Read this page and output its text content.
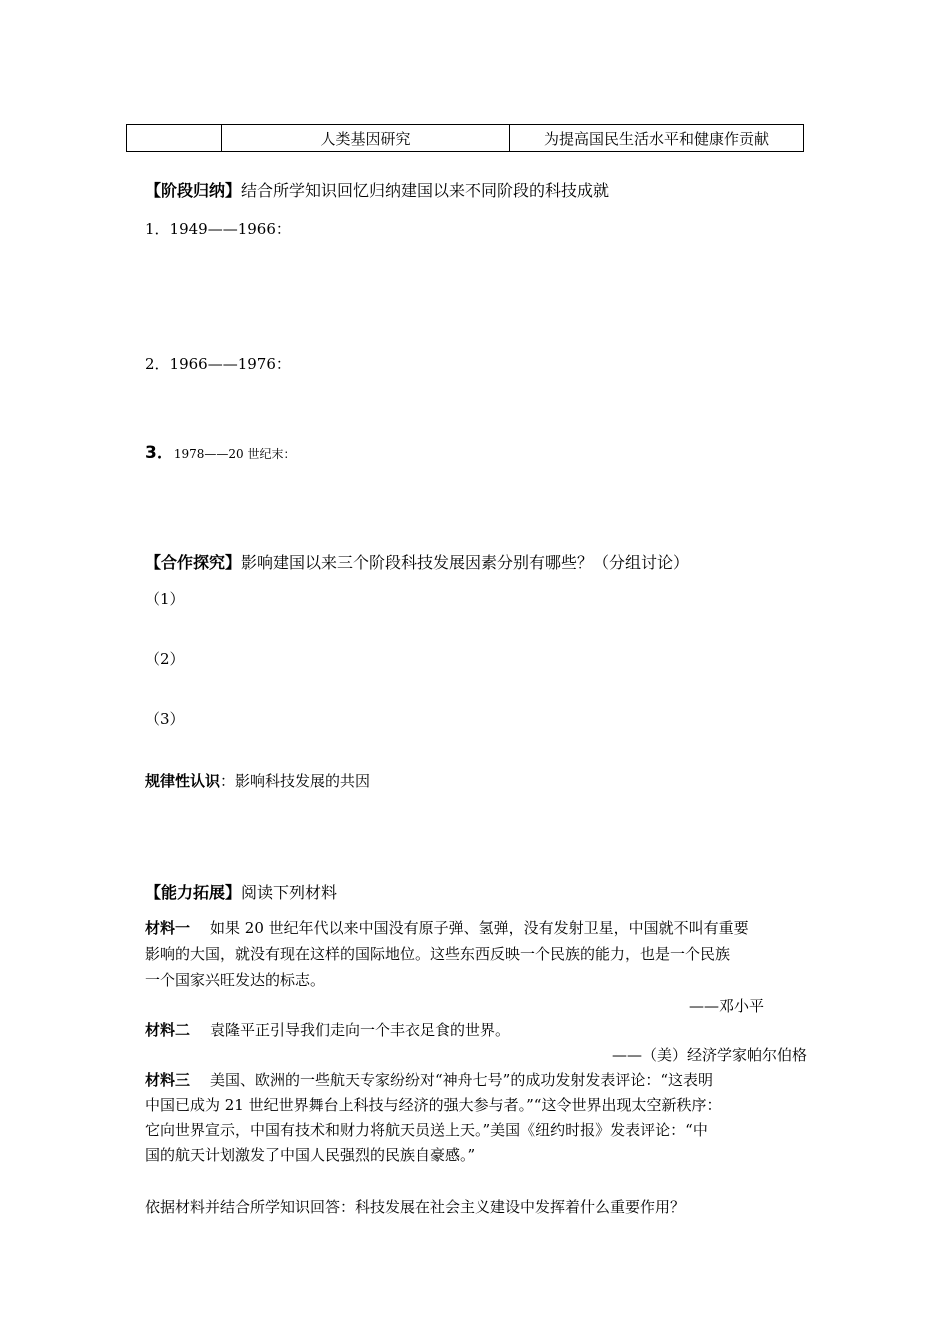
	人类基因研究	为提高国民生活水平和健康作贡献
【阶段归纳】结合所学知识回忆归纳建国以来不同阶段的科技成就
1．1949——1966：
2．1966——1976：
3．1978——20 世纪末：
【合作探究】影响建国以来三个阶段科技发展因素分别有哪些？（分组讨论）
（1）
（2）
（3）
规律性认识：影响科技发展的共因
【能力拓展】阅读下列材料
材料一 如果 20 世纪年代以来中国没有原子弹、氢弹，没有发射卫星，中国就不叫有重要
影响的大国，就没有现在这样的国际地位。这些东西反映一个民族的能力，也是一个民族
一个国家兴旺发达的标志。
——邓小平
材料二 袁隆平正引导我们走向一个丰衣足食的世界。
——（美）经济学家帕尔伯格
材料三 美国、欧洲的一些航天专家纷纷对“神舟七号”的成功发射发表评论：“这表明
中国已成为 21 世纪世界舞台上科技与经济的强大参与者。”“这令世界出现太空新秩序：
它向世界宣示，中国有技术和财力将航天员送上天。”美国《纽约时报》发表评论：“中
国的航天计划激发了中国人民强烈的民族自豪感。”
依据材料并结合所学知识回答：科技发展在社会主义建设中发挥着什么重要作用？
